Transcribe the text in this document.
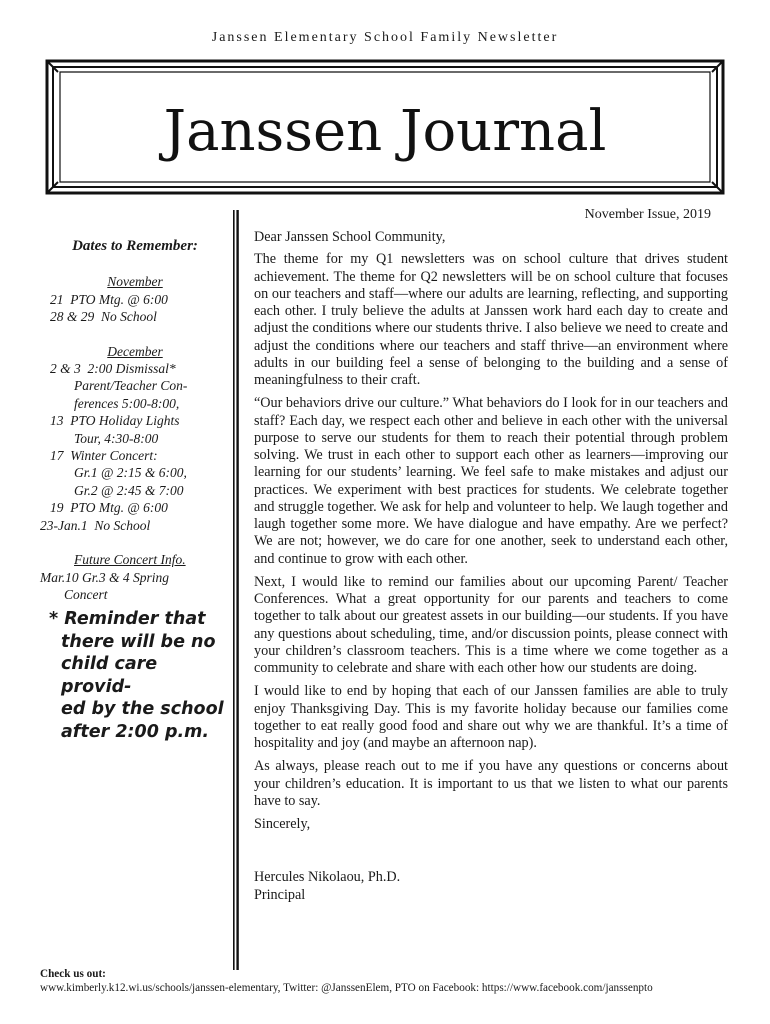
Janssen Elementary School Family Newsletter
Janssen Journal
November Issue, 2019
Dates to Remember:
November
21 PTO Mtg. @ 6:00
28 & 29 No School
December
2 & 3 2:00 Dismissal*
Parent/Teacher Con-
ferences 5:00-8:00,
13 PTO Holiday Lights
Tour, 4:30-8:00
17 Winter Concert:
Gr.1 @ 2:15 & 6:00,
Gr.2 @ 2:45 & 7:00
19 PTO Mtg. @ 6:00
23-Jan.1 No School
Future Concert Info.
Mar.10 Gr.3 & 4 Spring
Concert
* Reminder that
there will be no
child care provid-
ed by the school
after 2:00 p.m.

Dear Janssen School Community,

The theme for my Q1 newsletters was on school culture that drives student achievement. The theme for Q2 newsletters will be on school culture that focuses on our teachers and staff—where our adults are learning, reflecting, and supporting each other. I truly believe the adults at Janssen work hard each day to create and adjust the conditions where our students thrive. I also believe we need to create and adjust the conditions where our teachers and staff thrive—an environment where adults in our building feel a sense of belonging to the building and a sense of meaningfulness to their craft.

“Our behaviors drive our culture.” What behaviors do I look for in our teachers and staff? Each day, we respect each other and believe in each other with the universal purpose to serve our students for them to reach their potential through problem solving. We trust in each other to support each other as learners—improving our learning for our students’ learning. We feel safe to make mistakes and adjust our practices. We experiment with best practices for students. We celebrate together and struggle together. We ask for help and volunteer to help. We laugh together and laugh together some more. We have dialogue and have empathy. Are we perfect? We are not; however, we do care for one another, seek to understand each other, and continue to grow with each other.

Next, I would like to remind our families about our upcoming Parent/ Teacher Conferences. What a great opportunity for our parents and teachers to come together to talk about our greatest assets in our building—our students. If you have any questions about scheduling, time, and/or discussion points, please connect with your children’s classroom teachers. This is a time where we come together as a community to celebrate and share with each other how our students are doing.

I would like to end by hoping that each of our Janssen families are able to truly enjoy Thanksgiving Day. This is my favorite holiday because our families come together to eat really good food and share out why we are thankful. It’s a time of hospitality and joy (and maybe an afternoon nap).

As always, please reach out to me if you have any questions or concerns about your children’s education. It is important to us that we listen to what our parents have to say.

Sincerely,

Hercules Nikolaou, Ph.D.
Principal
Check us out:
www.kimberly.k12.wi.us/schools/janssen-elementary, Twitter: @JanssenElem, PTO on Facebook: https://www.facebook.com/janssenpto
